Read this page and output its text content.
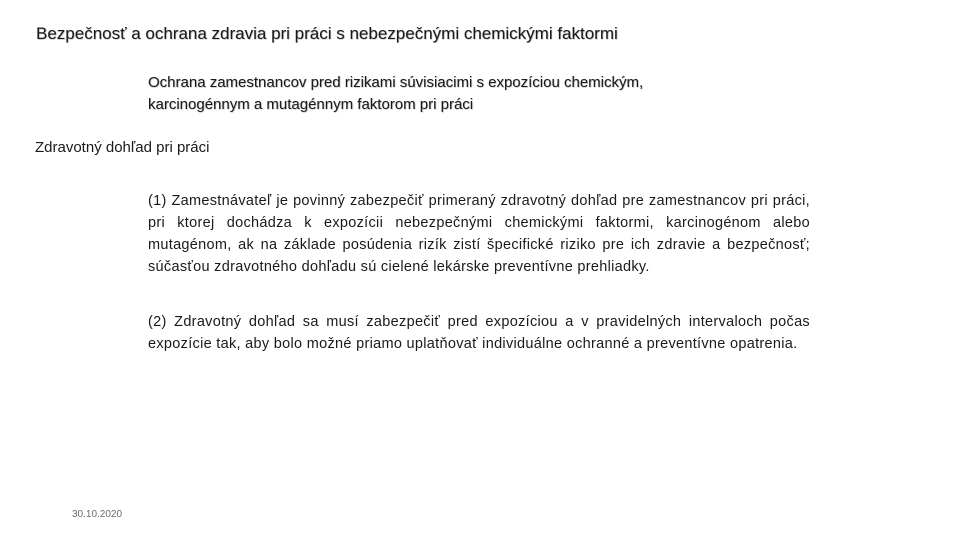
Bezpečnosť a ochrana zdravia pri práci s nebezpečnými chemickými faktormi
Ochrana zamestnancov pred rizikami súvisiacimi s expozíciou chemickým,
karcinogénnym a mutagénnym faktorom pri práci
Zdravotný dohľad pri práci

(1) Zamestnávateľ je povinný zabezpečiť primeraný zdravotný dohľad pre zamestnancov pri práci, pri ktorej dochádza k expozícii nebezpečnými chemickými faktormi, karcinogénom alebo mutagénom, ak na základe posúdenia rizík zistí špecifické riziko pre ich zdravie a bezpečnosť; súčasťou zdravotného dohľadu sú cielené lekárske preventívne prehliadky.

(2) Zdravotný dohľad sa musí zabezpečiť pred expozíciou a v pravidelných intervaloch počas expozície tak, aby bolo možné priamo uplatňovať individuálne ochranné a preventívne opatrenia.

30.10.2020
